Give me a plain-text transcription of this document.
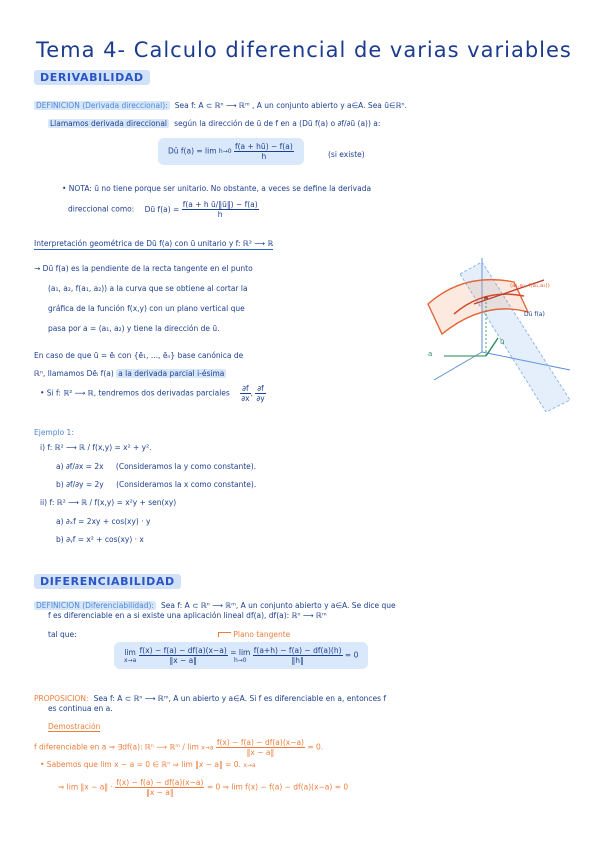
Tema 4- Calculo diferencial de varias variables
DERIVABILIDAD
DEFINICION (Derivada direccional): Sea f: A ⊂ ℝⁿ ⟶ ℝᵐ , A un conjunto abierto y a∈A. Sea ū∈ℝⁿ.
Llamamos derivada direccional según la dirección de ū de f en a (Dū f(a) o ∂f/∂ū (a)) a:
Dū $f(a) = \lim h\to 0 \frac{f(a + hū) - f(a)}{h}$	(si existe)
• NOTA: ū no tiene porque ser unitario. No obstante, a veces se define la derivada
direccional como: Dū $f(a) = \frac{\text{f(a + h ū/‖ū‖) − f(a)}}{h}$
Interpretación geométrica de Dū f(a) con ū unitario y f: ℝ² ⟶ ℝ
→ Dū f(a) es la pendiente de la recta tangente en el punto
(a₁, a₂, f(a₁, a₂)) a la curva que se obtiene al cortar la
gráfica de la función f(x,y) con un plano vertical que
pasa por a = (a₁, a₂) y tiene la dirección de ū.
(a₁,a₂, f(a₁,a₂))
Dū f(a)
a
ū
En caso de que ū = ēᵢ con {ē₁, ..., ēₙ} base canónica de
ℝⁿ, llamamos Dēᵢ f(a) a la derivada parcial i-ésima
• Si f: ℝ² ⟶ ℝ, tendremos dos derivadas parciales $\frac{\partial f}{\partial x}$ , $\frac{\partial f}{\partial y}$
Ejemplo 1:
i) f: ℝ² ⟶ ℝ / f(x,y) = x² + y².
a) ∂f/∂x = 2x (Consideramos la y como constante).
b) ∂f/∂y = 2y (Consideramos la x como constante).
ii) f: ℝ² ⟶ ℝ / f(x,y) = x²y + sen(xy)
a) ∂ₓf = 2xy + cos(xy) · y
b) ∂ᵧf = x² + cos(xy) · x
DIFERENCIABILIDAD
DEFINICION (Diferenciabilidad): Sea f: A ⊂ ℝⁿ ⟶ ℝᵐ, A un conjunto abierto y a∈A. Se dice que
f es diferenciable en a si existe una aplicación lineal df(a), df(a): ℝⁿ ⟶ ℝᵐ
tal que:	Plano tangente
lim
x→a
$\frac{f(x) - f(a) - df(a)(x-a)}{‖x - a‖} = \lim$
h→0
$\frac{f(a+h) - f(a) - df(a)(h)}{‖h‖} = 0$
PROPOSICION: Sea f: A ⊂ ℝⁿ ⟶ ℝᵐ, A un abierto y a∈A. Si f es diferenciable en a, entonces f
es continua en a.
Demostración
f diferenciable en a ⇒ ∃df(a): ℝⁿ ⟶ ℝᵐ / $\lim x\to a \frac{f(x) - f(a) - df(a)(x-a)}{‖x - a‖} = 0$.
• Sabemos que lim x − a = 0 ∈ ℝⁿ ⇒ lim ‖x − a‖ = 0. x→a
⇒ lim ‖x − a‖ · $\frac{f(x) - f(a) - df(a)(x-a)}{‖x - a‖} = 0$ ⇒ lim f(x) − f(a) − df(a)(x−a) = 0
